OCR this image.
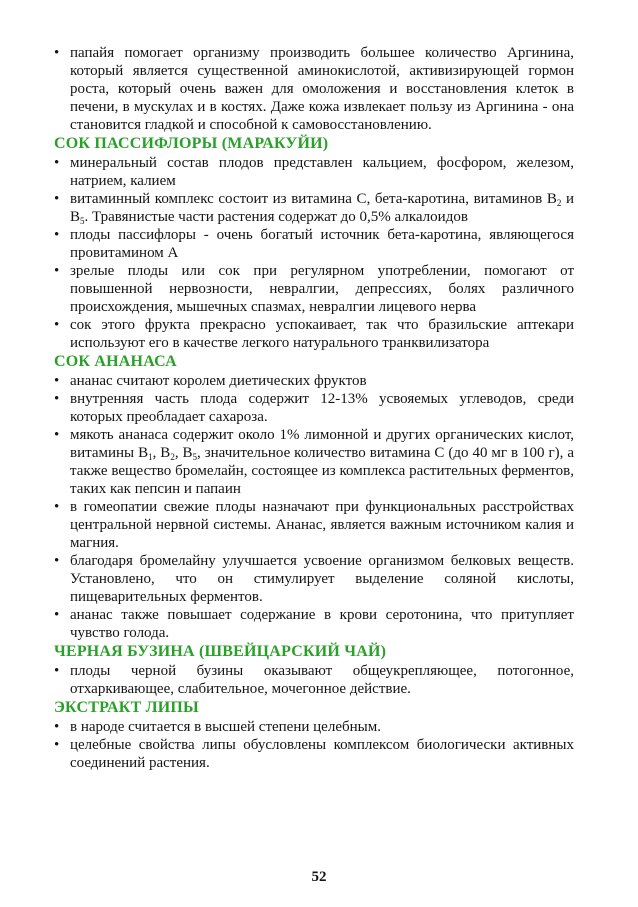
• папайя помогает организму производить большее количество Аргинина, который является существенной аминокислотой, активизирующей гормон роста, который очень важен для омоложения и восстановления клеток в печени, в мускулах и в костях. Даже кожа извлекает пользу из Аргинина - она становится гладкой и способной к самовосстановлению.
СОК ПАССИФЛОРЫ (МАРАКУЙИ)
• минеральный состав плодов представлен кальцием, фосфором, железом, натрием, калием
• витаминный комплекс состоит из витамина С, бета-каротина, витаминов $B_2$ и $B_5$. Травянистые части растения содержат до 0,5% алкалоидов
• плоды пассифлоры - очень богатый источник бета-каротина, являющегося провитамином А
• зрелые плоды или сок при регулярном употреблении, помогают от повышенной нервозности, невралгии, депрессиях, болях различного происхождения, мышечных спазмах, невралгии лицевого нерва
• сок этого фрукта прекрасно успокаивает, так что бразильские аптекари используют его в качестве легкого натурального транквилизатора
СОК АНАНАСА
• ананас считают королем диетических фруктов
• внутренняя часть плода содержит 12-13% усвояемых углеводов, среди которых преобладает сахароза.
• мякоть ананаса содержит около 1% лимонной и других органических кислот, витамины $B_1$, $B_2$, $B_5$, значительное количество витамина С (до 40 мг в 100 г), а также вещество бромелайн, состоящее из комплекса растительных ферментов, таких как пепсин и папаин
• в гомеопатии свежие плоды назначают при функциональных расстройствах центральной нервной системы. Ананас, является важным источником калия и магния.
• благодаря бромелайну улучшается усвоение организмом белковых веществ. Установлено, что он стимулирует выделение соляной кислоты, пищеварительных ферментов.
• ананас также повышает содержание в крови серотонина, что притупляет чувство голода.
ЧЕРНАЯ БУЗИНА (ШВЕЙЦАРСКИЙ ЧАЙ)
• плоды черной бузины оказывают общеукрепляющее, потогонное, отхаркивающее, слабительное, мочегонное действие.
ЭКСТРАКТ ЛИПЫ
• в народе считается в высшей степени целебным.
• целебные свойства липы обусловлены комплексом биологически активных соединений растения.
52
